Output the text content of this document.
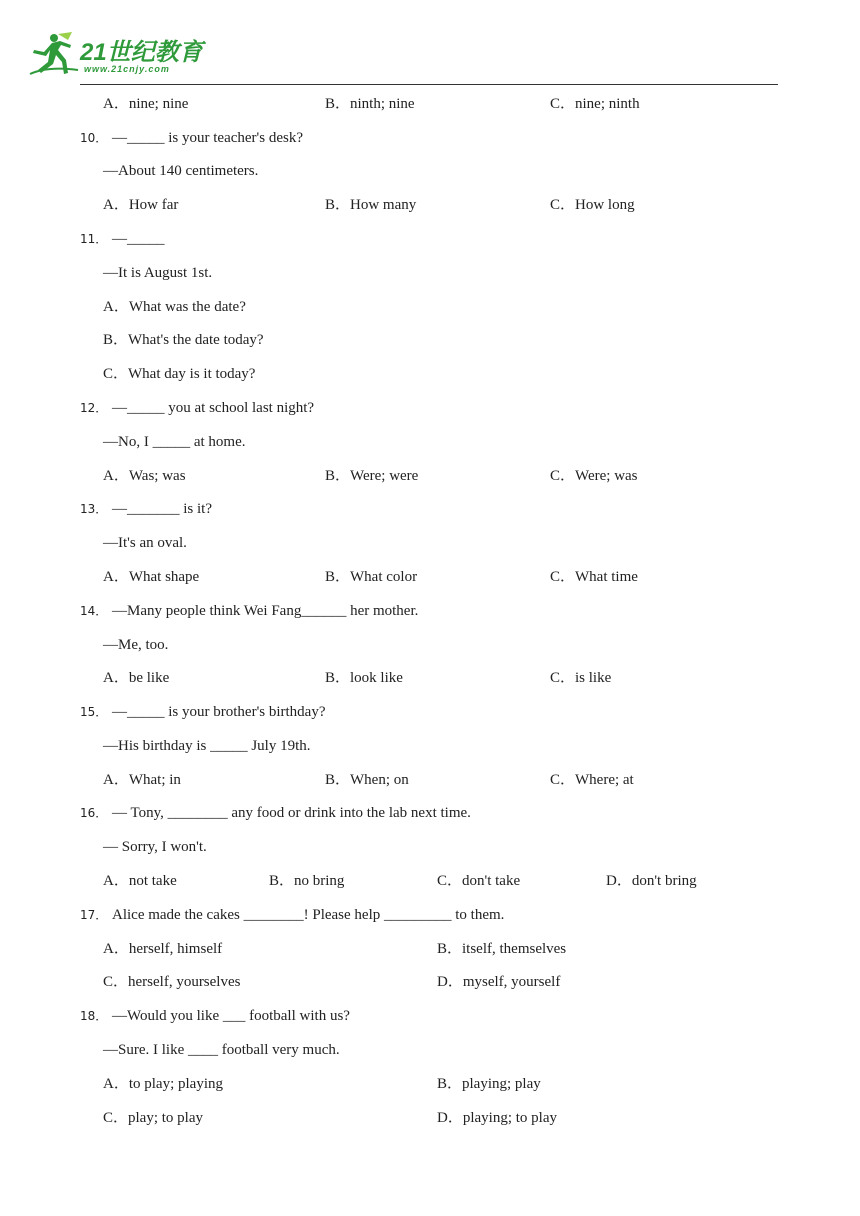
21世纪教育
www.21cnjy.com
A．nine; nine	B．ninth; nine	C．nine; ninth
10． —_____ is your teacher's desk?
—About 140 centimeters.
A．How far	B．How many	C．How long
11． —_____
—It is August 1st.
A．What was the date?
B．What's the date today?
C．What day is it today?
12． —_____ you at school last night?
—No, I _____ at home.
A．Was; was	B．Were; were	C．Were; was
13． —_______ is it?
—It's an oval.
A．What shape	B．What color	C．What time
14． —Many people think Wei Fang______ her mother.
—Me, too.
A．be like	B．look like	C．is like
15． —_____ is your brother's birthday?
—His birthday is _____ July 19th.
A．What; in	B．When; on	C．Where; at
16． — Tony, ________ any food or drink into the lab next time.
— Sorry, I won't.
A．not take	B．no bring	C．don't take	D．don't bring
17． Alice made the cakes ________! Please help _________ to them.
A．herself, himself	B．itself, themselves
C．herself, yourselves	D．myself, yourself
18． —Would you like ___ football with us?
—Sure. I like ____ football very much.
A．to play; playing	B．playing; play
C．play; to play	D．playing; to play
